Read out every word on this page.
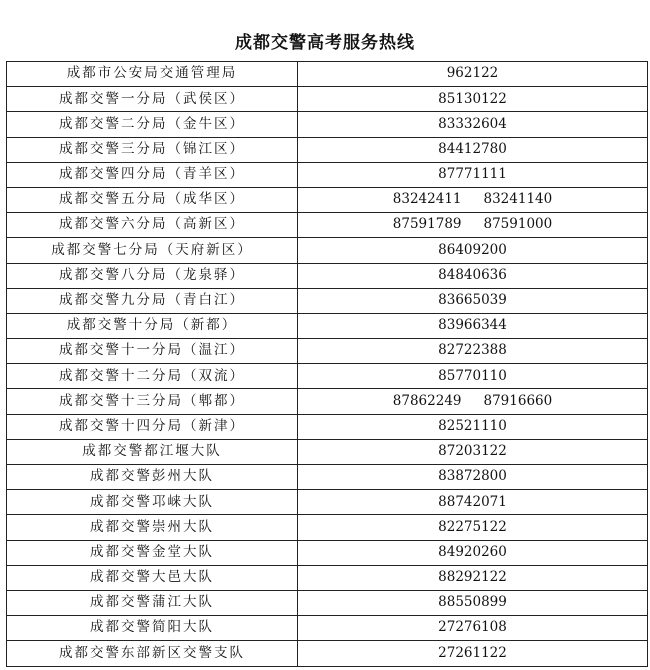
成都交警高考服务热线
成都市公安局交通管理局	962122
成都交警一分局（武侯区）	85130122
成都交警二分局（金牛区）	83332604
成都交警三分局（锦江区）	84412780
成都交警四分局（青羊区）	87771111
成都交警五分局（成华区）	83242411 83241140
成都交警六分局（高新区）	87591789 87591000
成都交警七分局（天府新区）	86409200
成都交警八分局（龙泉驿）	84840636
成都交警九分局（青白江）	83665039
成都交警十分局（新都）	83966344
成都交警十一分局（温江）	82722388
成都交警十二分局（双流）	85770110
成都交警十三分局（郫都）	87862249 87916660
成都交警十四分局（新津）	82521110
成都交警都江堰大队	87203122
成都交警彭州大队	83872800
成都交警邛崃大队	88742071
成都交警崇州大队	82275122
成都交警金堂大队	84920260
成都交警大邑大队	88292122
成都交警蒲江大队	88550899
成都交警简阳大队	27276108
成都交警东部新区交警支队	27261122
